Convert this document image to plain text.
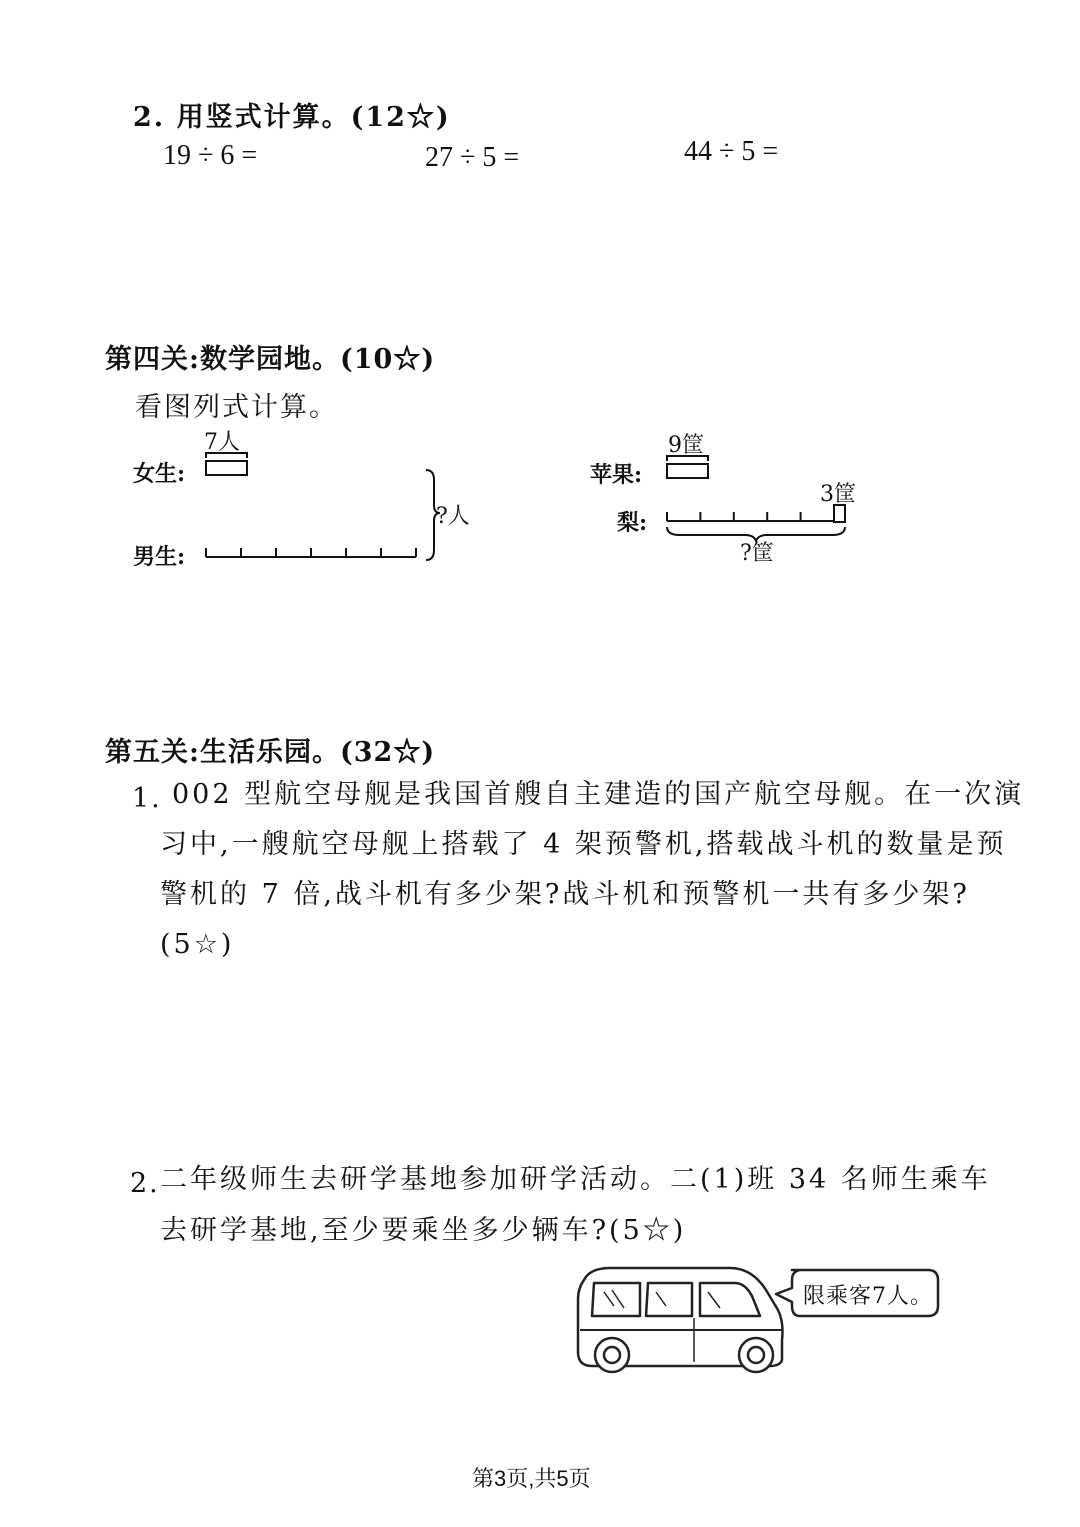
2. 用竖式计算。(12☆)
19 ÷ 6 =	27 ÷ 5 =	44 ÷ 5 =
第四关:数学园地。(10☆)
看图列式计算。
7人
女生:
男生:
?人
9筐
苹果:
3筐
梨:
?筐
第五关:生活乐园。(32☆)
1. 002 型航空母舰是我国首艘自主建造的国产航空母舰。在一次演
习中,一艘航空母舰上搭载了 4 架预警机,搭载战斗机的数量是预
警机的 7 倍,战斗机有多少架?战斗机和预警机一共有多少架?
(5☆)
2. 二年级师生去研学基地参加研学活动。二(1)班 34 名师生乘车
去研学基地,至少要乘坐多少辆车?(5☆)
限乘客7人。
第3页,共5页
